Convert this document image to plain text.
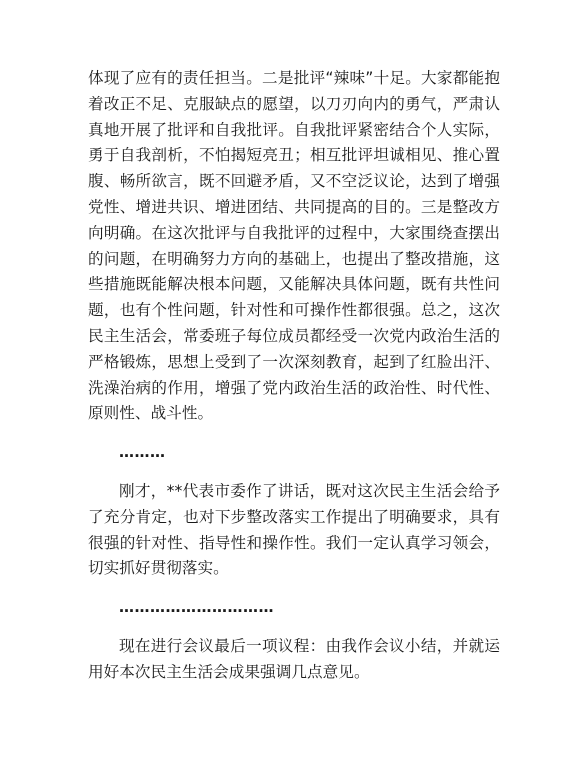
体现了应有的责任担当。二是批评“辣味”十足。大家都能抱着改正不足、克服缺点的愿望，以刀刃向内的勇气，严肃认真地开展了批评和自我批评。自我批评紧密结合个人实际，勇于自我剖析，不怕揭短亮丑；相互批评坦诚相见、推心置腹、畅所欲言，既不回避矛盾，又不空泛议论，达到了增强党性、增进共识、增进团结、共同提高的目的。三是整改方向明确。在这次批评与自我批评的过程中，大家围绕查摆出的问题，在明确努力方向的基础上，也提出了整改措施，这些措施既能解决根本问题，又能解决具体问题，既有共性问题，也有个性问题，针对性和可操作性都很强。总之，这次民主生活会，常委班子每位成员都经受一次党内政治生活的严格锻炼，思想上受到了一次深刻教育，起到了红脸出汗、洗澡治病的作用，增强了党内政治生活的政治性、时代性、原则性、战斗性。

………

刚才，**代表市委作了讲话，既对这次民主生活会给予了充分肯定，也对下步整改落实工作提出了明确要求，具有很强的针对性、指导性和操作性。我们一定认真学习领会，切实抓好贯彻落实。

…………………………

现在进行会议最后一项议程：由我作会议小结，并就运用好本次民主生活会成果强调几点意见。
